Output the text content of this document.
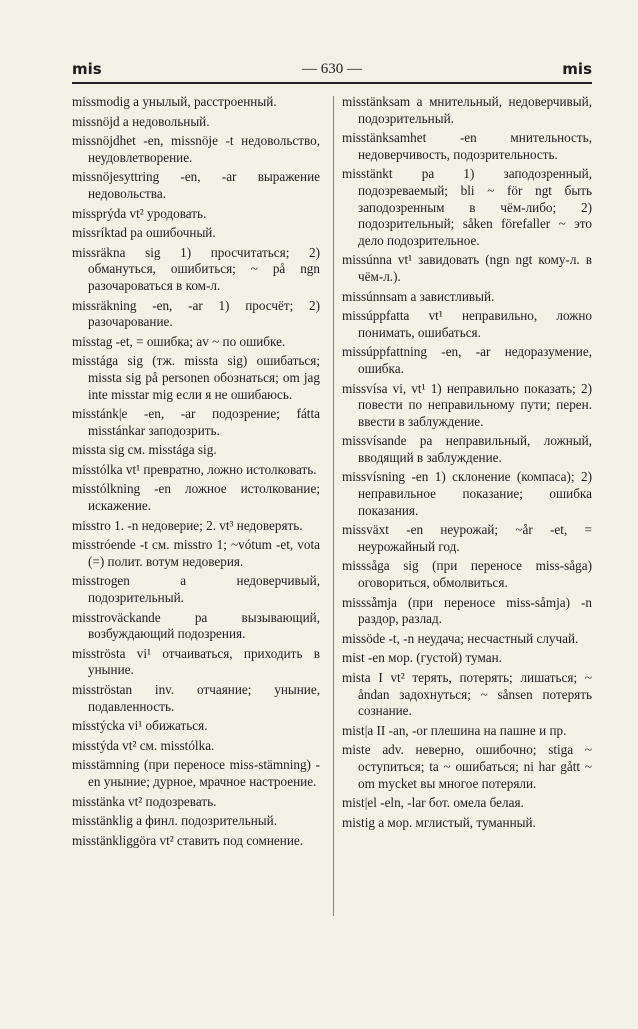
mis	— 630 —	mis
missmodig a унылый, расстроенный.
missnöjd a недовольный.
missnöjdhet -en, missnöje -t недовольство, неудовлетворение.
missnöjesyttring -en, -ar выражение недовольства.
missprýda vt² уродовать.
missríktad pa ошибочный.
missräkna sig 1) просчитаться; 2) обмануться, ошибиться; ~ på ngn разочароваться в ком-л.
missräkning -en, -ar 1) просчёт; 2) разочарование.
misstag -et, = ошибка; av ~ по ошибке.
misstága sig (тж. missta sig) ошибаться; missta sig på personen обознаться; om jag inte misstar mig если я не ошибаюсь.
misstánk|e -en, -ar подозрение; fátta misstánkar заподозрить.
missta sig см. misstága sig.
misstólka vt¹ превратно, ложно истолковать.
misstólkning -en ложное истолкование; искажение.
misstro 1. -n недоверие; 2. vt³ недоверять.
misstróende -t см. misstro 1; ~vótum -et, vota (=) полит. вотум недоверия.
misstrogen a недоверчивый, подозрительный.
misstroväckande pa вызывающий, возбуждающий подозрения.
misströsta vi¹ отчаиваться, приходить в уныние.
misströstan inv. отчаяние; уныние, подавленность.
misstýcka vi¹ обижаться.
misstýda vt² см. misstólka.
misstämning (при переносе miss-stämning) -en уныние; дурное, мрачное настроение.
misstänka vt² подозревать.
misstänklig a финл. подозрительный.
misstänkliggöra vt² ставить под сомнение.
misstänksam a мнительный, недоверчивый, подозрительный.
misstänksamhet -en мнительность, недоверчивость, подозрительность.
misstänkt pa 1) заподозренный, подозреваемый; bli ~ för ngt быть заподозренным в чём-либо; 2) подозрительный; såken förefaller ~ это дело подозрительное.
missúnna vt¹ завидовать (ngn ngt кому-л. в чём-л.).
missúnnsam a завистливый.
missúppfatta vt¹ неправильно, ложно понимать, ошибаться.
missúppfattning -en, -ar недоразумение, ошибка.
missvísa vi, vt¹ 1) неправильно показать; 2) повести по неправильному пути; перен. ввести в заблуждение.
missvísande pa неправильный, ложный, вводящий в заблуждение.
missvísning -en 1) склонение (компаса); 2) неправильное показание; ошибка показания.
missväxt -en неурожай; ~år -et, = неурожайный год.
misssåga sig (при переносе miss-såga) оговориться, обмолвиться.
misssåmja (при переносе miss-såmja) -n раздор, разлад.
missöde -t, -n неудача; несчастный случай.
mist -en мор. (густой) туман.
mista I vt² терять, потерять; лишаться; ~ åndan задохнуться; ~ sånsen потерять сознание.
mist|a II -an, -or плешина на пашне и пр.
miste adv. неверно, ошибочно; stiga ~ оступиться; ta ~ ошибаться; ni har gått ~ om mycket вы многое потеряли.
mist|el -eln, -lar бот. омела белая.
mistig a мор. мглистый, туманный.
